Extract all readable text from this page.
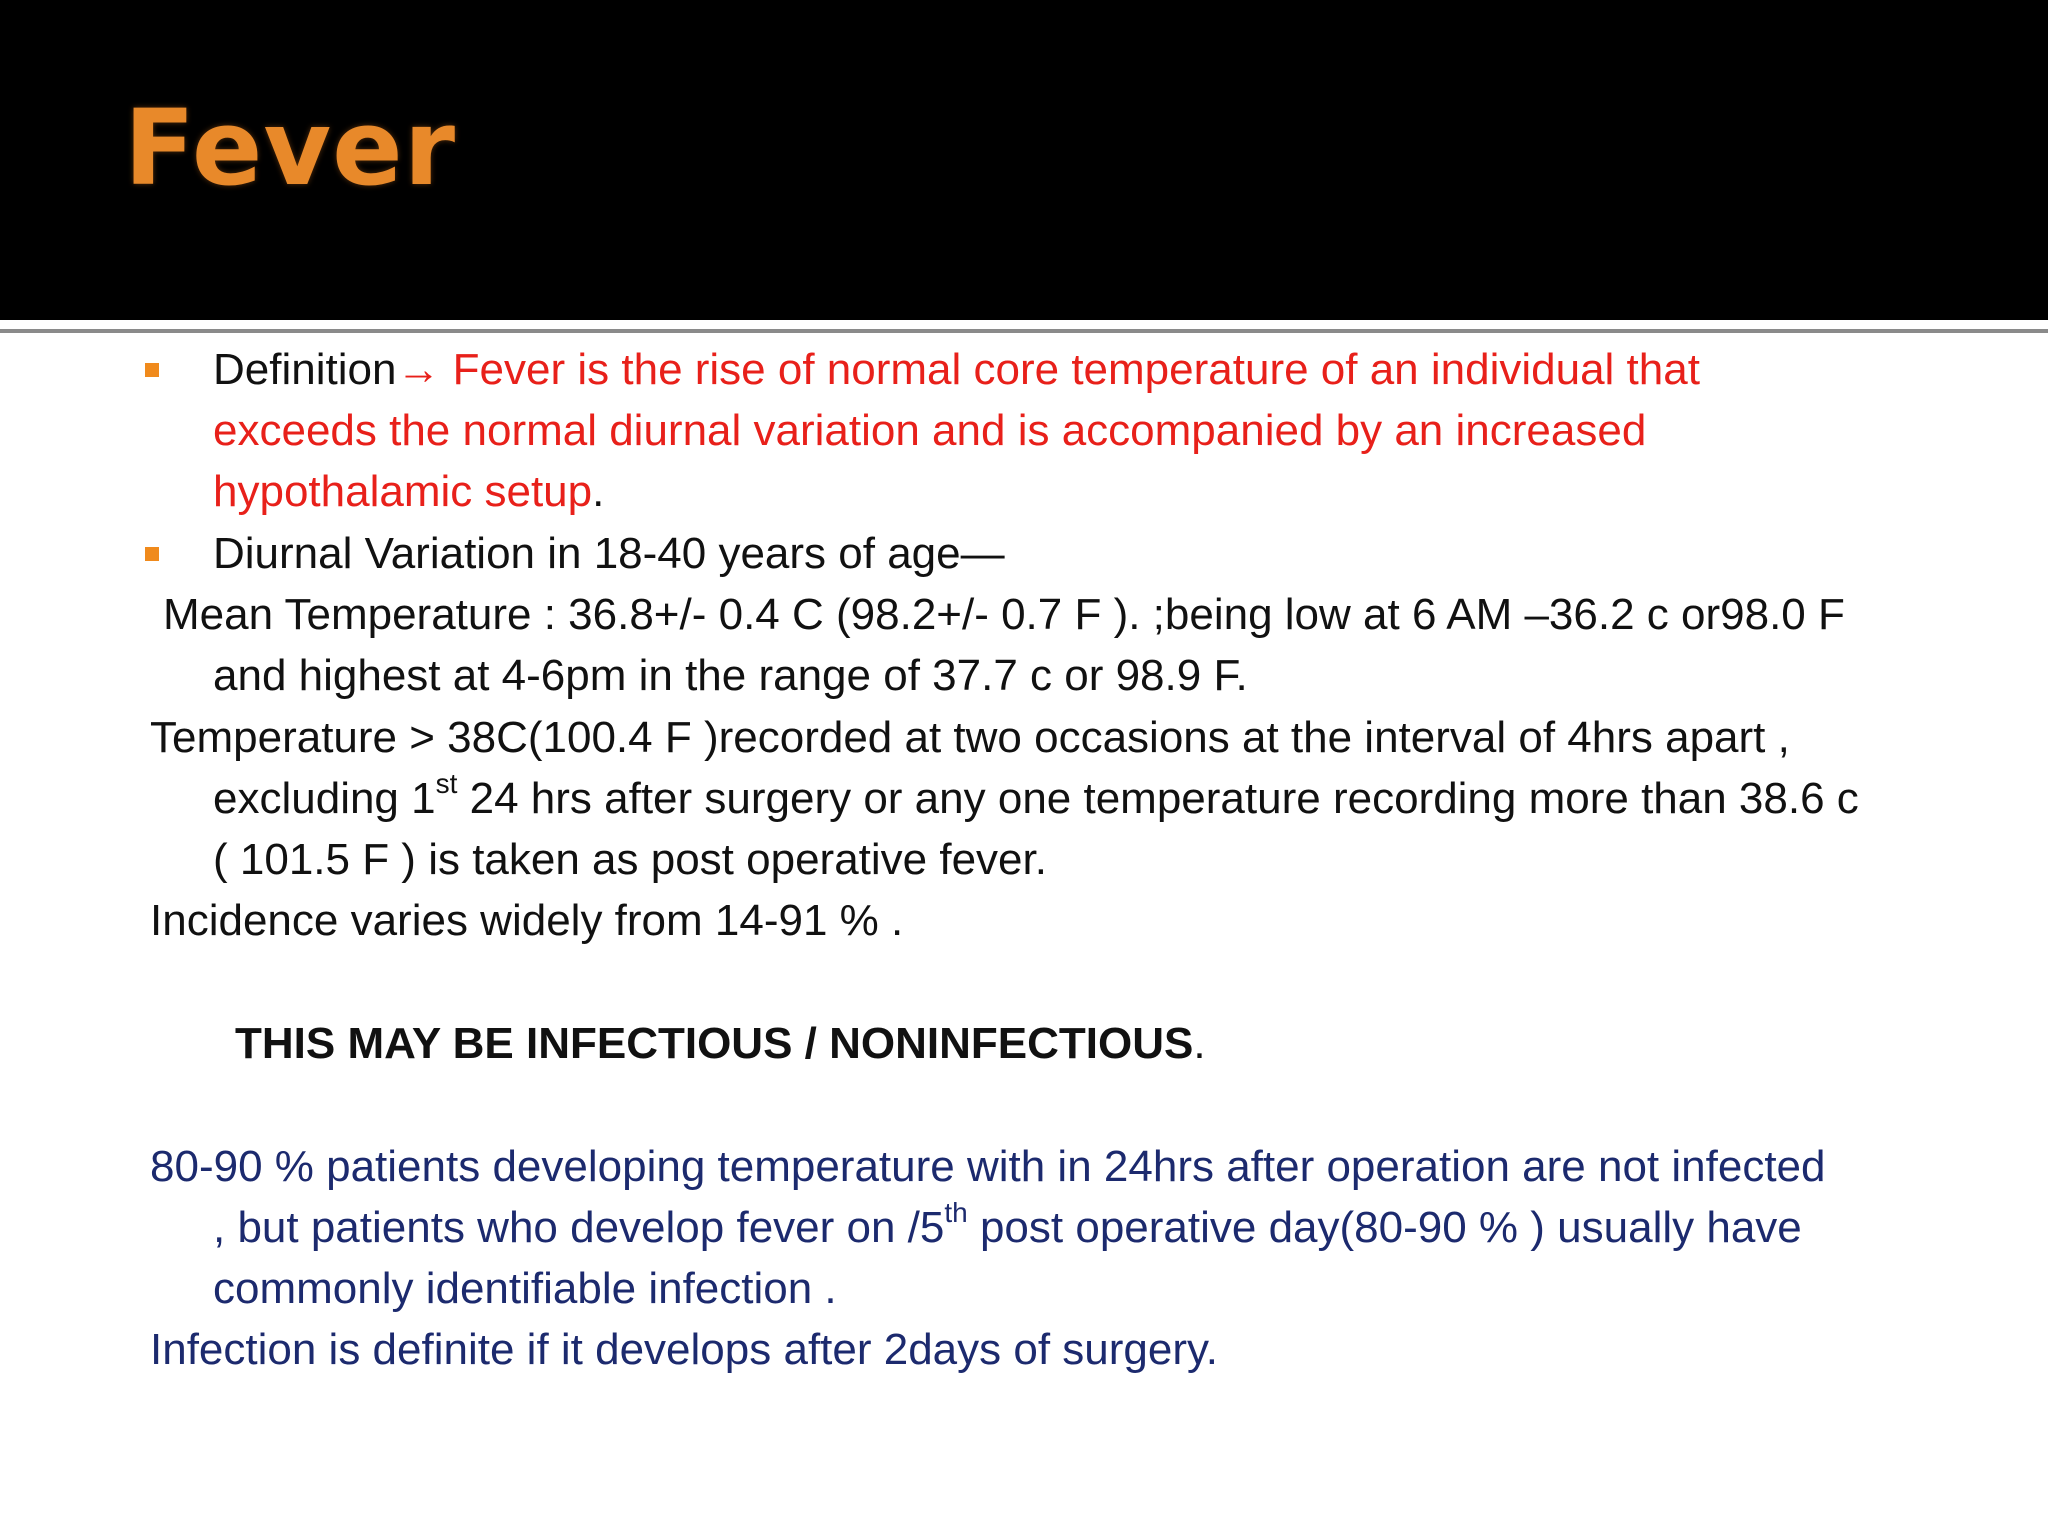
Fever
Definition→ Fever is the rise of normal core temperature of an individual that
exceeds the normal diurnal variation and is accompanied by an increased
hypothalamic setup.
Diurnal Variation in 18-40 years of age—
Mean Temperature : 36.8+/- 0.4 C (98.2+/- 0.7 F ). ;being low at 6 AM –36.2 c or98.0 F
and highest at 4-6pm in the range of 37.7 c or 98.9 F.
Temperature > 38C(100.4 F )recorded at two occasions at the interval of 4hrs apart ,
excluding 1st 24 hrs after surgery or any one temperature recording more than 38.6 c
( 101.5 F ) is taken as post operative fever.
Incidence varies widely from 14-91 % .
THIS MAY BE INFECTIOUS / NONINFECTIOUS.
80-90 % patients developing temperature with in 24hrs after operation are not infected
, but patients who develop fever on /5th post operative day(80-90 % ) usually have
commonly identifiable infection .
Infection is definite if it develops after 2days of surgery.
